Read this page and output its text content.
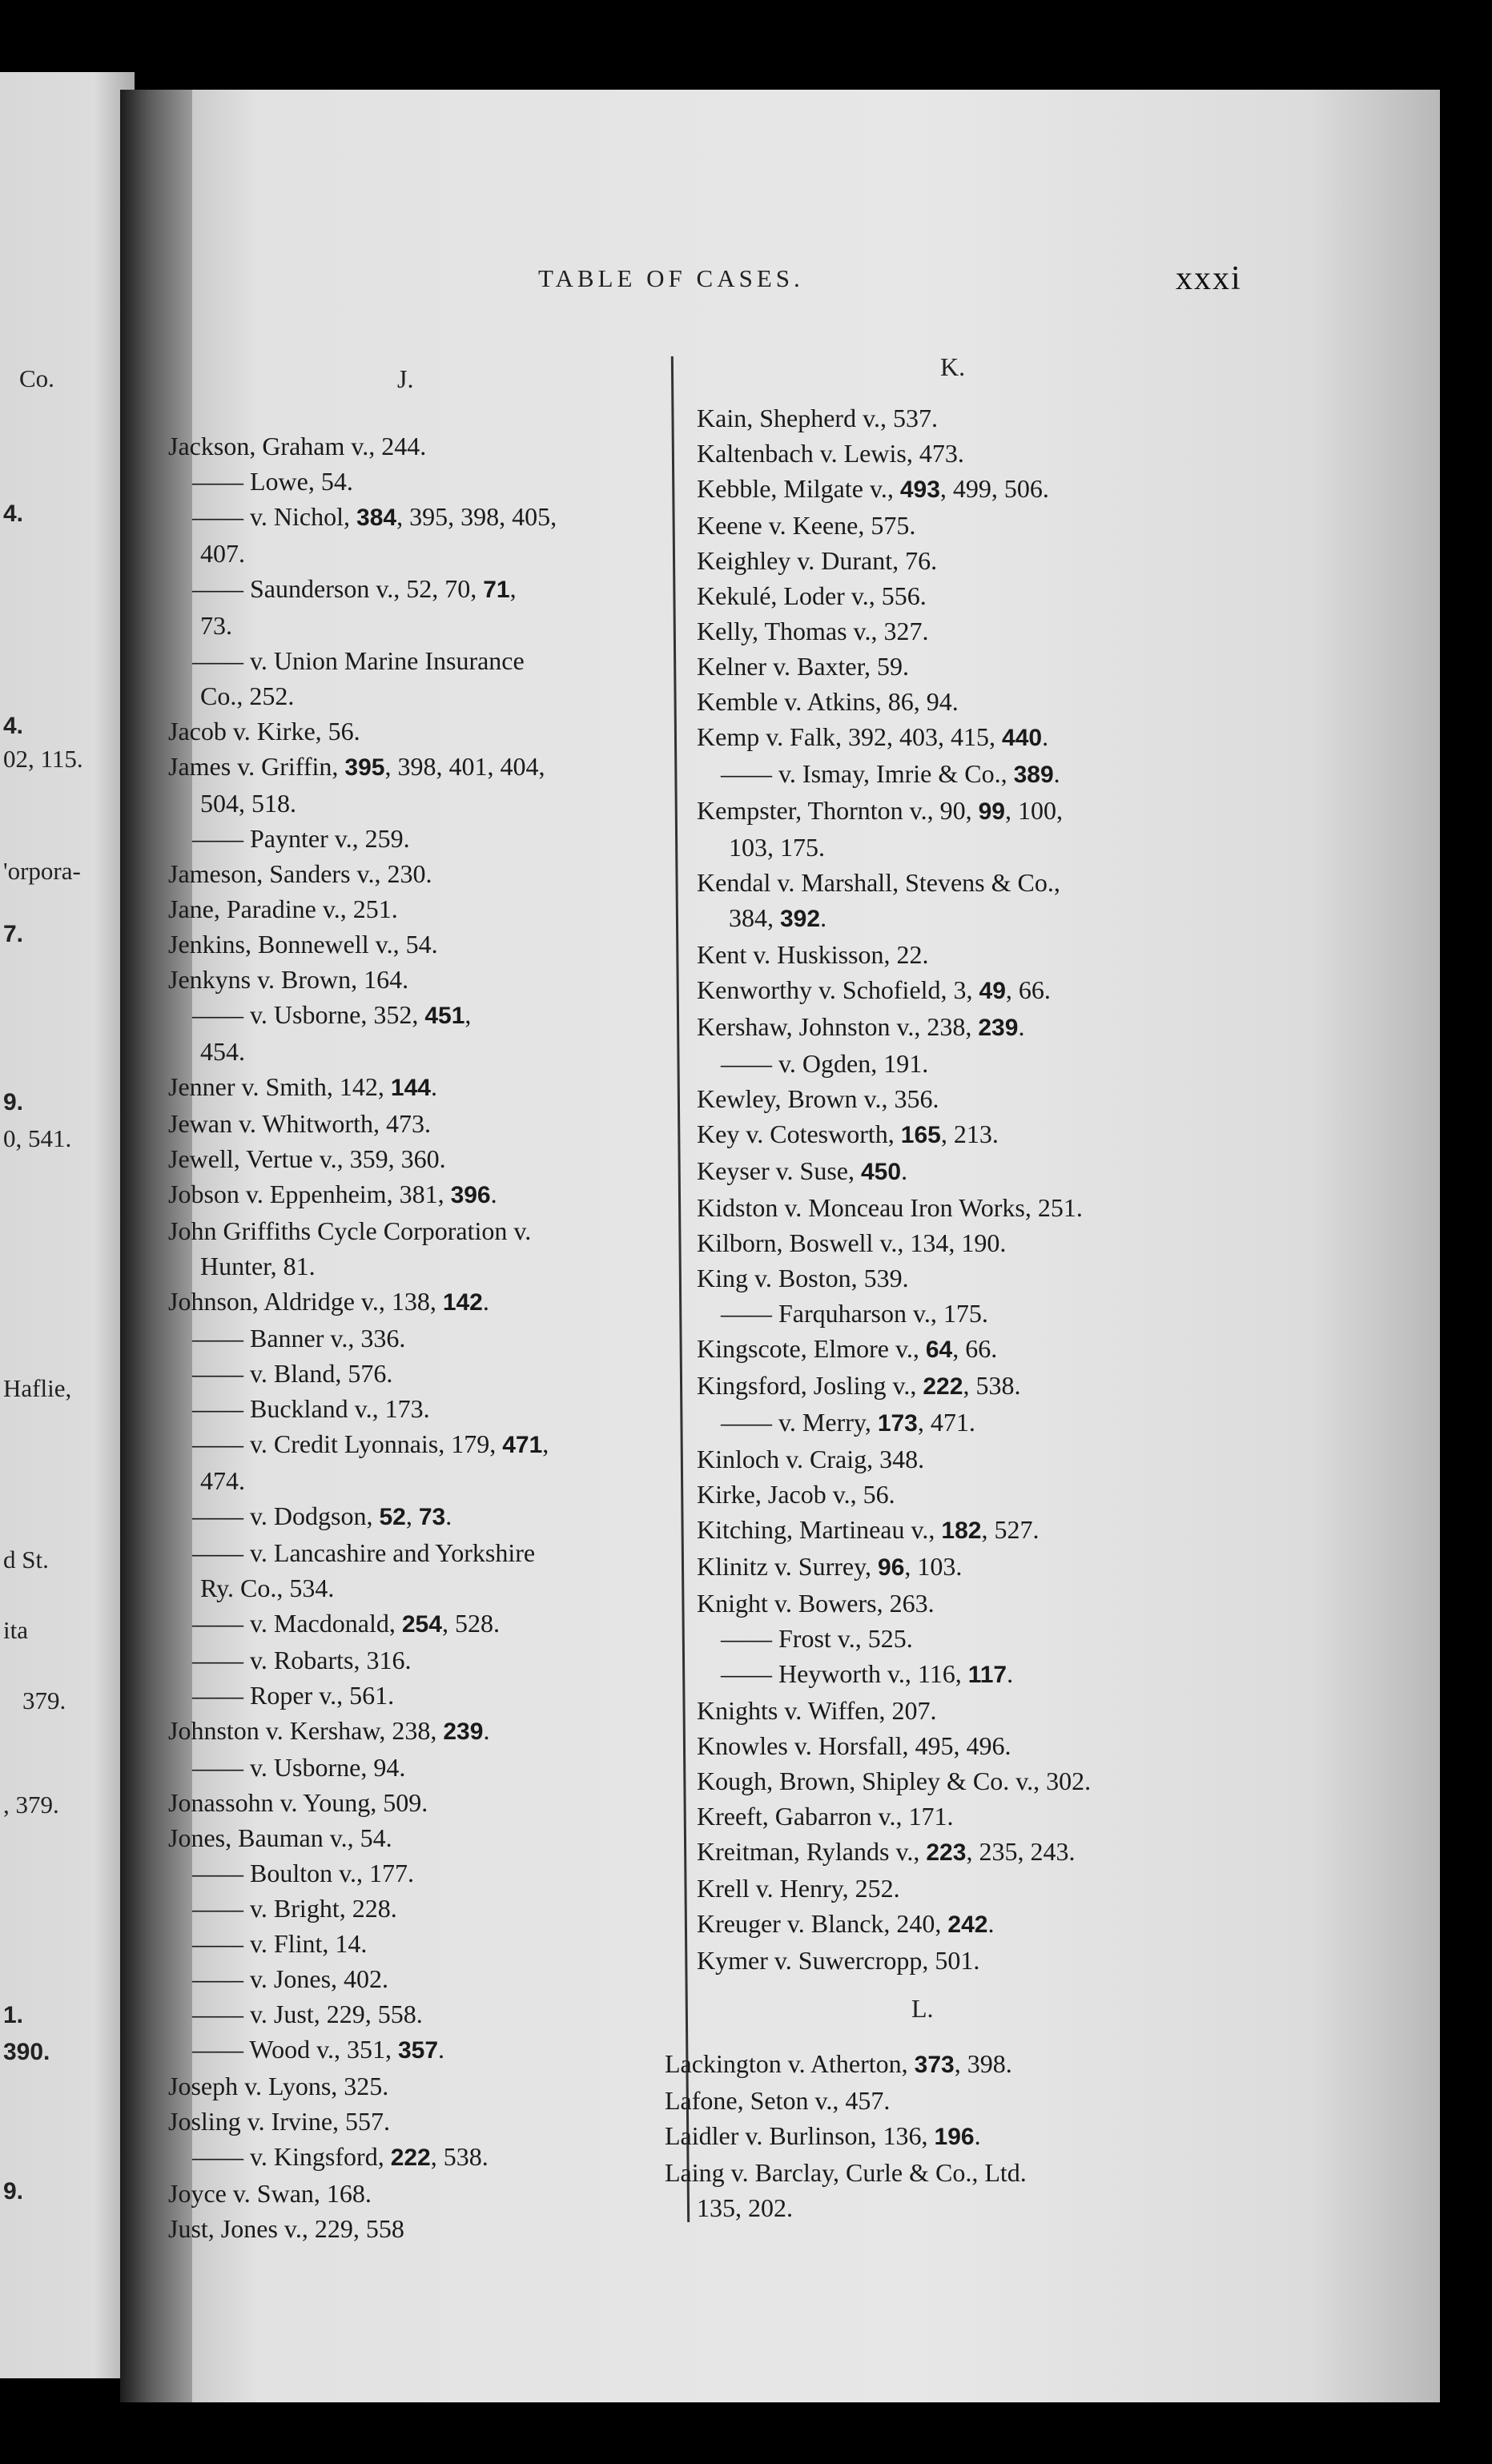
TABLE OF CASES.	xxxi
Co.
4.
4.
02, 115.
'orpora-
7.
9.
0, 541.
Haflie,
d St.
ita
379.
, 379.
1.
390.
9.
J.	K.
L.
Jackson, Graham v., 244.
—— Lowe, 54.
—— v. Nichol, 384, 395, 398, 405,
407.
—— Saunderson v., 52, 70, 71,
73.
—— v. Union Marine Insurance
Co., 252.
Jacob v. Kirke, 56.
James v. Griffin, 395, 398, 401, 404,
504, 518.
—— Paynter v., 259.
Jameson, Sanders v., 230.
Jane, Paradine v., 251.
Jenkins, Bonnewell v., 54.
Jenkyns v. Brown, 164.
—— v. Usborne, 352, 451,
454.
Jenner v. Smith, 142, 144.
Jewan v. Whitworth, 473.
Jewell, Vertue v., 359, 360.
Jobson v. Eppenheim, 381, 396.
John Griffiths Cycle Corporation v.
Hunter, 81.
Johnson, Aldridge v., 138, 142.
—— Banner v., 336.
—— v. Bland, 576.
—— Buckland v., 173.
—— v. Credit Lyonnais, 179, 471,
474.
—— v. Dodgson, 52, 73.
—— v. Lancashire and Yorkshire
Ry. Co., 534.
—— v. Macdonald, 254, 528.
—— v. Robarts, 316.
—— Roper v., 561.
Johnston v. Kershaw, 238, 239.
—— v. Usborne, 94.
Jonassohn v. Young, 509.
Jones, Bauman v., 54.
—— Boulton v., 177.
—— v. Bright, 228.
—— v. Flint, 14.
—— v. Jones, 402.
—— v. Just, 229, 558.
—— Wood v., 351, 357.
Joseph v. Lyons, 325.
Josling v. Irvine, 557.
—— v. Kingsford, 222, 538.
Joyce v. Swan, 168.
Just, Jones v., 229, 558
Kain, Shepherd v., 537.
Kaltenbach v. Lewis, 473.
Kebble, Milgate v., 493, 499, 506.
Keene v. Keene, 575.
Keighley v. Durant, 76.
Kekulé, Loder v., 556.
Kelly, Thomas v., 327.
Kelner v. Baxter, 59.
Kemble v. Atkins, 86, 94.
Kemp v. Falk, 392, 403, 415, 440.
—— v. Ismay, Imrie & Co., 389.
Kempster, Thornton v., 90, 99, 100,
103, 175.
Kendal v. Marshall, Stevens & Co.,
384, 392.
Kent v. Huskisson, 22.
Kenworthy v. Schofield, 3, 49, 66.
Kershaw, Johnston v., 238, 239.
—— v. Ogden, 191.
Kewley, Brown v., 356.
Key v. Cotesworth, 165, 213.
Keyser v. Suse, 450.
Kidston v. Monceau Iron Works, 251.
Kilborn, Boswell v., 134, 190.
King v. Boston, 539.
—— Farquharson v., 175.
Kingscote, Elmore v., 64, 66.
Kingsford, Josling v., 222, 538.
—— v. Merry, 173, 471.
Kinloch v. Craig, 348.
Kirke, Jacob v., 56.
Kitching, Martineau v., 182, 527.
Klinitz v. Surrey, 96, 103.
Knight v. Bowers, 263.
—— Frost v., 525.
—— Heyworth v., 116, 117.
Knights v. Wiffen, 207.
Knowles v. Horsfall, 495, 496.
Kough, Brown, Shipley & Co. v., 302.
Kreeft, Gabarron v., 171.
Kreitman, Rylands v., 223, 235, 243.
Krell v. Henry, 252.
Kreuger v. Blanck, 240, 242.
Kymer v. Suwercropp, 501.
Lackington v. Atherton, 373, 398.
Lafone, Seton v., 457.
Laidler v. Burlinson, 136, 196.
Laing v. Barclay, Curle & Co., Ltd.
135, 202.
